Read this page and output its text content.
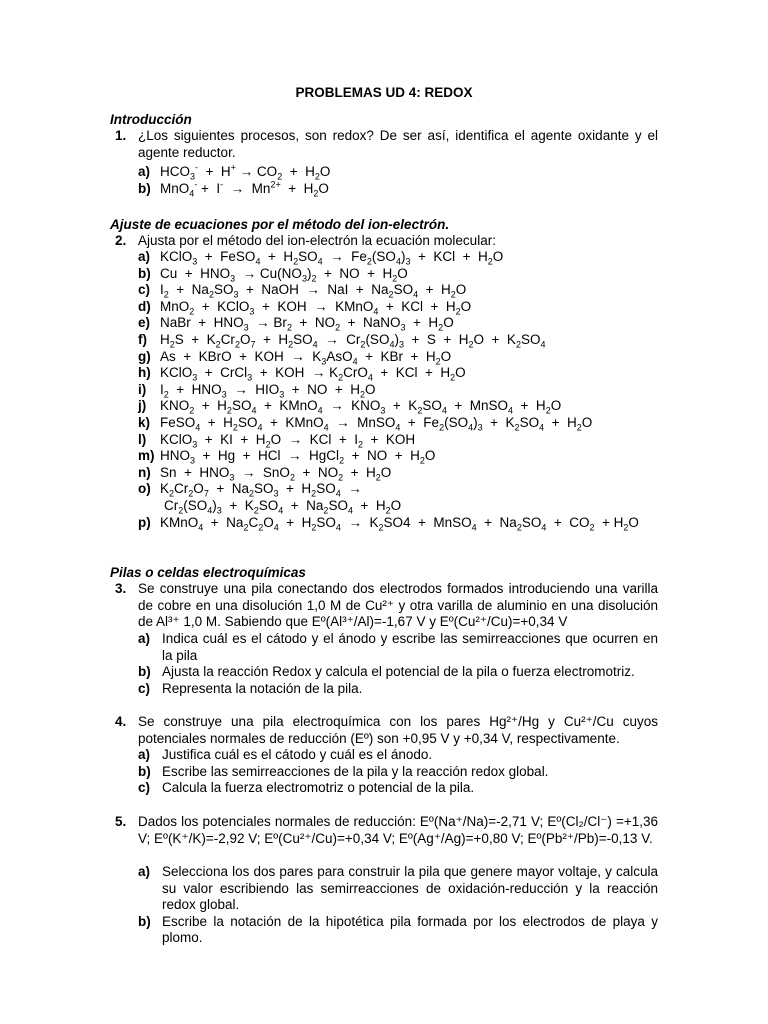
PROBLEMAS UD 4: REDOX
Introducción
1. ¿Los siguientes procesos, son redox? De ser así, identifica el agente oxidante y el agente reductor.
a) $HCO_3^- + H^+ \to CO_2 + H_2O$
b) $MnO_4^- + I^- \to Mn^{2+} + H_2O$
Ajuste de ecuaciones por el método del ion-electrón.
2. Ajusta por el método del ion-electrón la ecuación molecular:
a) KClO$_3$  +  FeSO$_4$  +  $H_2SO_4 \to Fe_2(SO_4)_3$  +  KCl  +  $H_2O$
b) $Cu + HNO_3 \to Cu(NO_3)_2$  +  NO  +  $H_2O$
c) $I_2 + Na_2SO_3$  +  NaOH  →  NaI  +  $Na_2SO_4 + H_2O$
d) MnO$_2$  +  KClO$_3$  +  KOH  →  KMnO$_4$  +  KCl  +  $H_2O$
e) NaBr  +  $HNO_3 \to Br_2 + NO_2$  +  NaNO$_3$  +  $H_2O$
f) $H_2S + K_2Cr_2O_7 + H_2SO_4 \to Cr_2(SO_4)_3 + S + H_2O + K_2SO_4$
g) As  +  KBrO  +  KOH  →  $K_3AsO_4$  +  KBr  +  $H_2O$
h) KClO$_3$  +  CrCl$_3$  +  KOH  → $K_2CrO_4$  +  KCl  +  $H_2O$
i) $I_2 + HNO_3 \to HIO_3$  +  NO  +  $H_2O$
j) $KNO_2 + H_2SO_4$  +  KMnO$_4$  →  $KNO_3 + K_2SO_4$  +  MnSO$_4$  +  $H_2O$
k) FeSO$_4$  +  $H_2SO_4$  +  KMnO$_4$  →  MnSO$_4$  +  $Fe_2(SO_4)_3 + K_2SO_4 + H_2O$
l) KClO$_3$  +  KI  +  $H_2O$  →  KCl  +  $I_2$  +  KOH
m) $HNO_3 + Hg$  +  HCl  →  HgCl$_2$  +  NO  +  $H_2O$
n) $Sn + HNO_3 \to SnO_2 + NO_2 + H_2O$
o) $K_2Cr_2O_7 + Na_2SO_3 + H_2SO_4$  →
$Cr_2(SO_4)_3 + K_2SO_4 + Na_2SO_4 + H_2O$
p) KMnO$_4$  +  $Na_2C_2O_4 + H_2SO_4 \to K_2SO4$  +  MnSO$_4$  +  $Na_2SO_4 + CO_2 + H_2O$
Pilas o celdas electroquímicas
3. Se construye una pila conectando dos electrodos formados introduciendo una varilla de cobre en una disolución 1,0 M de Cu²⁺ y otra varilla de aluminio en una disolución de Al³⁺ 1,0 M. Sabiendo que Eº(Al³⁺/Al)=-1,67 V y Eº(Cu²⁺/Cu)=+0,34 V
a) Indica cuál es el cátodo y el ánodo y escribe las semirreacciones que ocurren en la pila
b) Ajusta la reacción Redox y calcula el potencial de la pila o fuerza electromotriz.
c) Representa la notación de la pila.
4. Se construye una pila electroquímica con los pares Hg²⁺/Hg y Cu²⁺/Cu cuyos potenciales normales de reducción (Eº) son +0,95 V y +0,34 V, respectivamente.
a) Justifica cuál es el cátodo y cuál es el ánodo.
b) Escribe las semirreacciones de la pila y la reacción redox global.
c) Calcula la fuerza electromotriz o potencial de la pila.
5. Dados los potenciales normales de reducción: Eº(Na⁺/Na)=-2,71 V; Eº(Cl₂/Cl⁻) =+1,36 V; Eº(K⁺/K)=-2,92 V; Eº(Cu²⁺/Cu)=+0,34 V; Eº(Ag⁺/Ag)=+0,80 V; Eº(Pb²⁺/Pb)=-0,13 V.
a) Selecciona los dos pares para construir la pila que genere mayor voltaje, y calcula su valor escribiendo las semirreacciones de oxidación-reducción y la reacción redox global.
b) Escribe la notación de la hipotética pila formada por los electrodos de playa y plomo.
